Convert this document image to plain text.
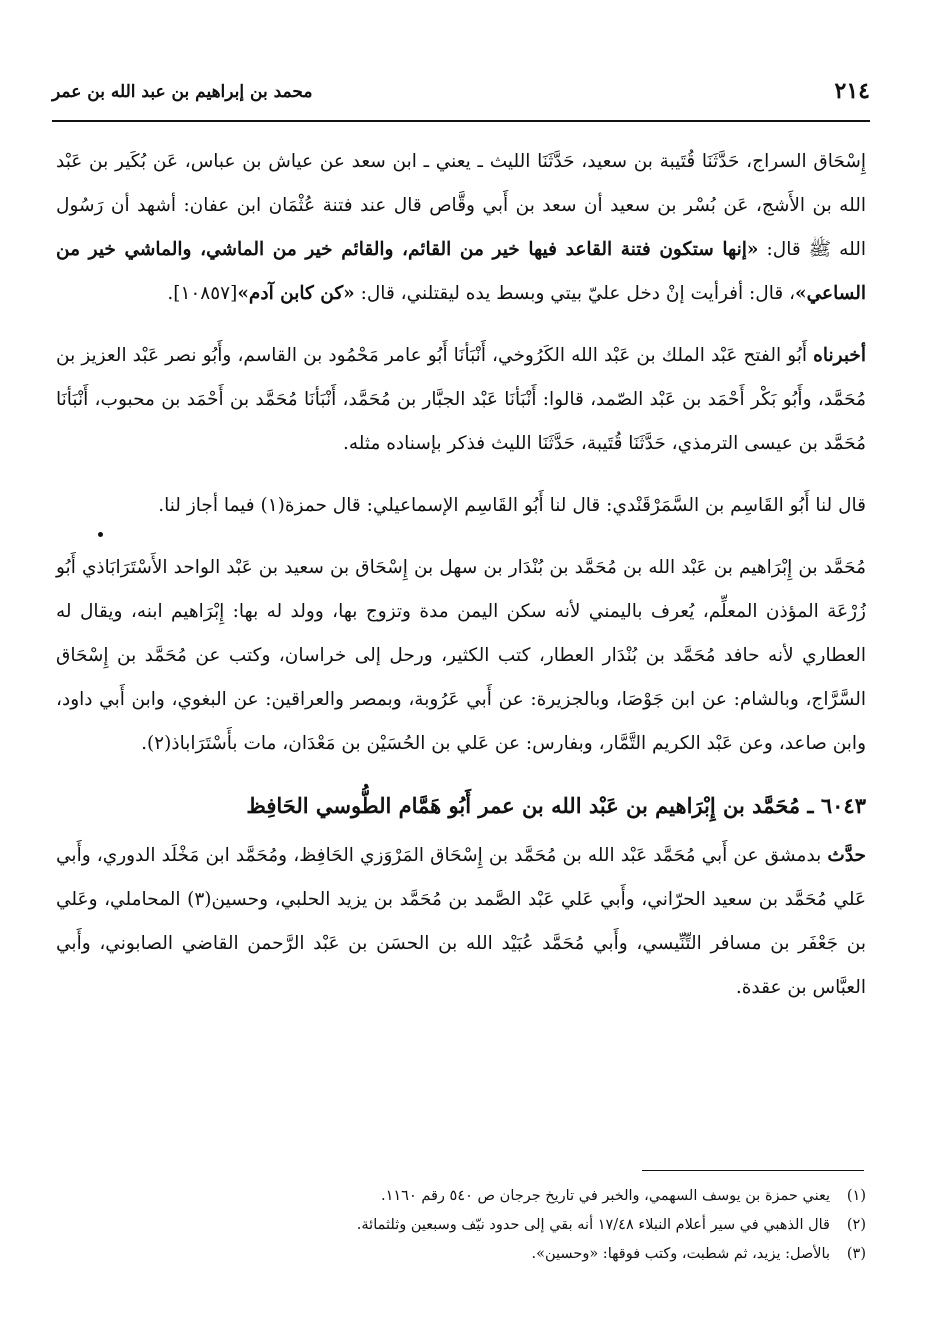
٢١٤
محمد بن إبراهيم بن عبد الله بن عمر

إِسْحَاق السراج، حَدَّثَنَا قُتَيبة بن سعيد، حَدَّثَنَا الليث ـ يعني ـ ابن سعد عن عياش بن عباس، عَن بُكَير بن عَبْد الله بن الأَشج، عَن بُسْر بن سعيد أن سعد بن أَبي وقَّاص قال عند فتنة عُثْمَان ابن عفان: أشهد أن رَسُول الله ﷺ قال: «إنها ستكون فتنة القاعد فيها خير من القائم، والقائم خير من الماشي، والماشي خير من الساعي»، قال: أفرأيت إنْ دخل عليّ بيتي وبسط يده ليقتلني، قال: «كن كابن آدم»[١٠٨٥٧].

أخبرناه أَبُو الفتح عَبْد الملك بن عَبْد الله الكَرُوخي، أَنْبَأنَا أَبُو عامر مَحْمُود بن القاسم، وأَبُو نصر عَبْد العزيز بن مُحَمَّد، وأَبُو بَكْر أَحْمَد بن عَبْد الصّمد، قالوا: أَنْبَأنَا عَبْد الجبَّار بن مُحَمَّد، أَنْبَأنَا مُحَمَّد بن أَحْمَد بن محبوب، أَنْبَأنَا مُحَمَّد بن عيسى الترمذي، حَدَّثَنَا قُتَيبة، حَدَّثَنَا الليث فذكر بإسناده مثله.

قال لنا أَبُو القَاسِم بن السَّمَرْقَنْدي: قال لنا أَبُو القَاسِم الإسماعيلي: قال حمزة(١) فيما أجاز لنا.

مُحَمَّد بن إِبْرَاهيم بن عَبْد الله بن مُحَمَّد بن بُنْدَار بن سهل بن إِسْحَاق بن سعيد بن عَبْد الواحد الأَسْتَرَابَاذي أَبُو زُرْعَة المؤذن المعلِّم، يُعرف باليمني لأنه سكن اليمن مدة وتزوج بها، وولد له بها: إِبْرَاهيم ابنه، ويقال له العطاري لأنه حافد مُحَمَّد بن بُنْدَار العطار، كتب الكثير، ورحل إلى خراسان، وكتب عن مُحَمَّد بن إِسْحَاق السَّرَّاج، وبالشام: عن ابن جَوْصَا، وبالجزيرة: عن أَبي عَرُوبة، وبمصر والعراقين: عن البغوي، وابن أَبي داود، وابن صاعد، وعن عَبْد الكريم التَّمَّار، وبفارس: عن عَلي بن الحُسَيْن بن مَعْدَان، مات بأَسْتَرَاباذ(٢).

٦٠٤٣ ـ مُحَمَّد بن إِبْرَاهيم بن عَبْد الله بن عمر أَبُو هَمَّام الطُّوسي الحَافِظ

حدَّث بدمشق عن أَبي مُحَمَّد عَبْد الله بن مُحَمَّد بن إِسْحَاق المَرْوَزي الحَافِظ، ومُحَمَّد ابن مَخْلَد الدوري، وأَبي عَلي مُحَمَّد بن سعيد الحرّاني، وأَبي عَلي عَبْد الصَّمد بن مُحَمَّد بن يزيد الحلبي، وحسين(٣) المحاملي، وعَلي بن جَعْفَر بن مسافر التِّنِّيسي، وأَبي مُحَمَّد عُبَيْد الله بن الحسَن بن عَبْد الرَّحمن القاضي الصابوني، وأَبي العبَّاس بن عقدة.

(١)يعني حمزة بن يوسف السهمي، والخبر في تاريخ جرجان ص ٥٤٠ رقم ١١٦٠.
(٢)قال الذهبي في سير أعلام النبلاء ١٧/٤٨ أنه بقي إلى حدود نيّف وسبعين وثلثمائة.
(٣)بالأصل: يزيد، ثم شطبت، وكتب فوقها: «وحسين».
